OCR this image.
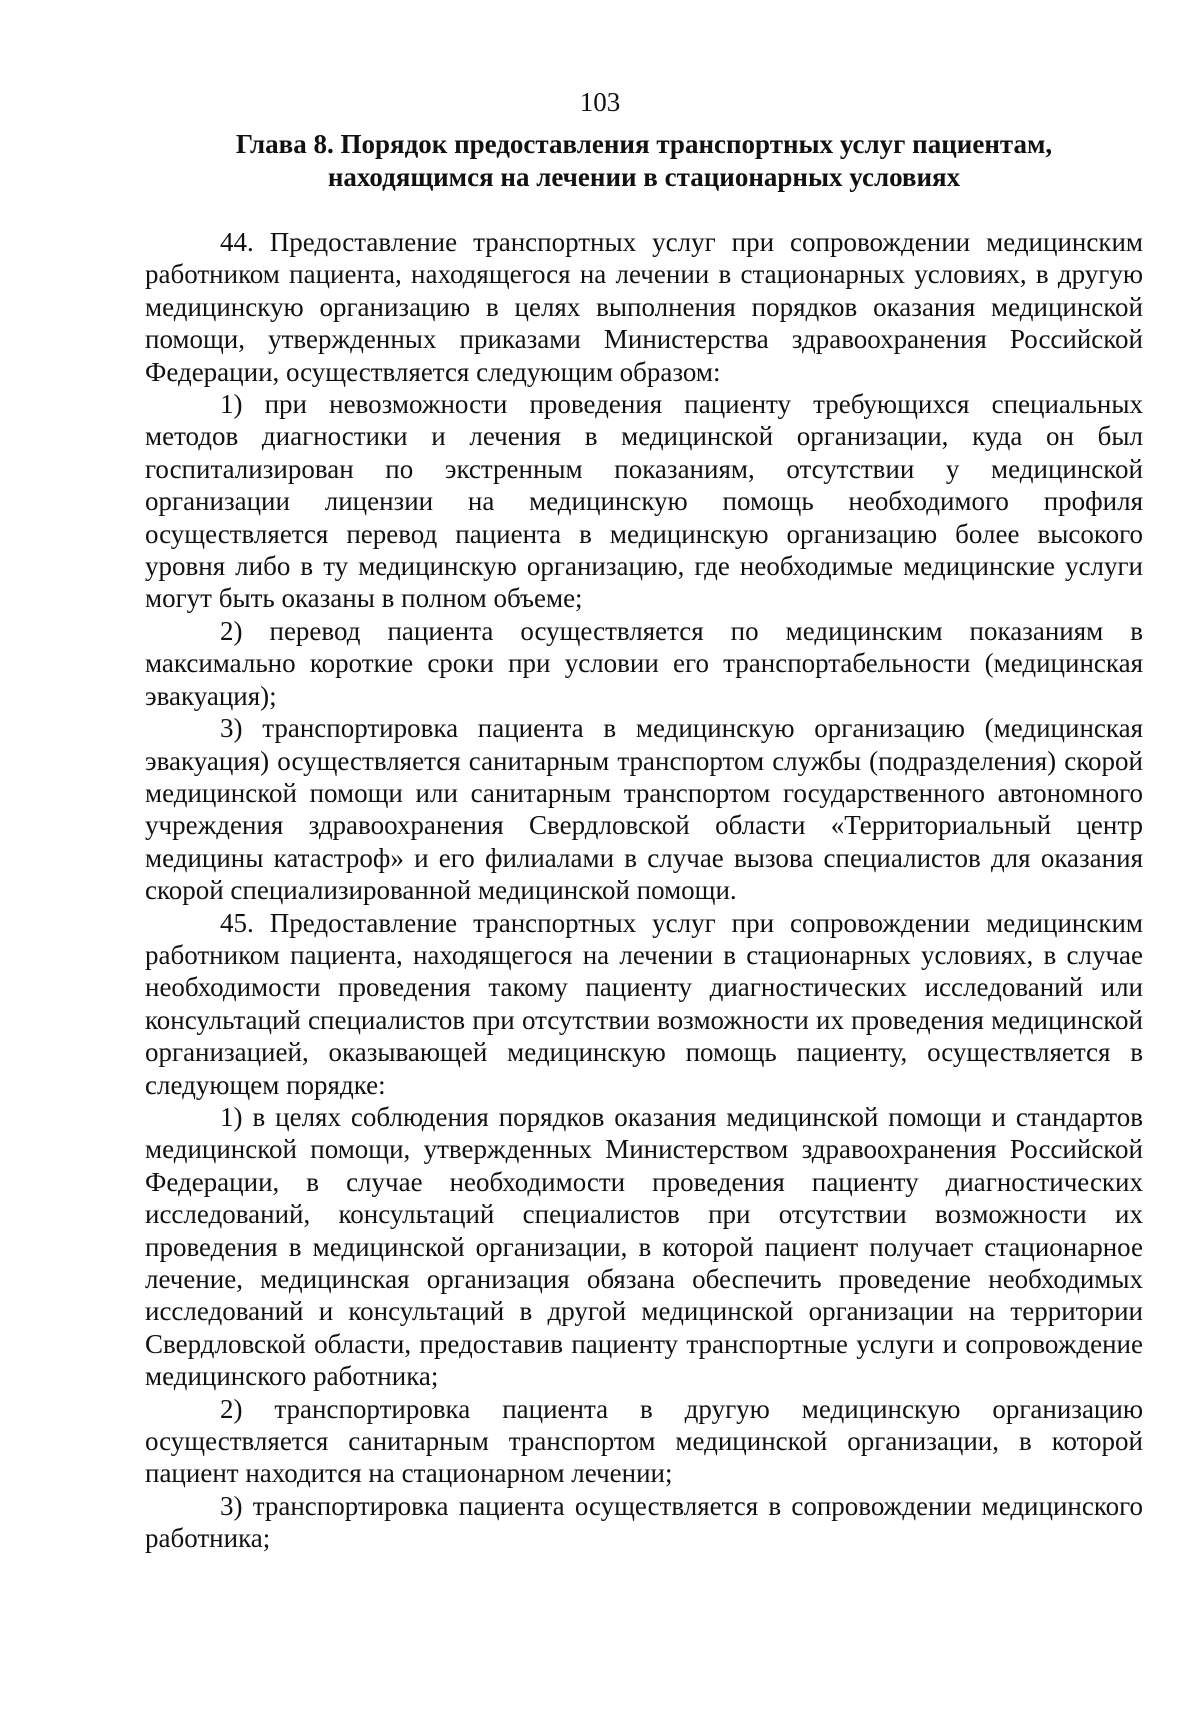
103
Глава 8. Порядок предоставления транспортных услуг пациентам,
находящимся на лечении в стационарных условиях

44. Предоставление транспортных услуг при сопровождении медицинским работником пациента, находящегося на лечении в стационарных условиях, в другую медицинскую организацию в целях выполнения порядков оказания медицинской помощи, утвержденных приказами Министерства здравоохранения Российской Федерации, осуществляется следующим образом:

1) при невозможности проведения пациенту требующихся специальных методов диагностики и лечения в медицинской организации, куда он был госпитализирован по экстренным показаниям, отсутствии у медицинской организации лицензии на медицинскую помощь необходимого профиля осуществляется перевод пациента в медицинскую организацию более высокого уровня либо в ту медицинскую организацию, где необходимые медицинские услуги могут быть оказаны в полном объеме;

2) перевод пациента осуществляется по медицинским показаниям в максимально короткие сроки при условии его транспортабельности (медицинская эвакуация);

3) транспортировка пациента в медицинскую организацию (медицинская эвакуация) осуществляется санитарным транспортом службы (подразделения) скорой медицинской помощи или санитарным транспортом государственного автономного учреждения здравоохранения Свердловской области «Территориальный центр медицины катастроф» и его филиалами в случае вызова специалистов для оказания скорой специализированной медицинской помощи.

45. Предоставление транспортных услуг при сопровождении медицинским работником пациента, находящегося на лечении в стационарных условиях, в случае необходимости проведения такому пациенту диагностических исследований или консультаций специалистов при отсутствии возможности их проведения медицинской организацией, оказывающей медицинскую помощь пациенту, осуществляется в следующем порядке:

1) в целях соблюдения порядков оказания медицинской помощи и стандартов медицинской помощи, утвержденных Министерством здравоохранения Российской Федерации, в случае необходимости проведения пациенту диагностических исследований, консультаций специалистов при отсутствии возможности их проведения в медицинской организации, в которой пациент получает стационарное лечение, медицинская организация обязана обеспечить проведение необходимых исследований и консультаций в другой медицинской организации на территории Свердловской области, предоставив пациенту транспортные услуги и сопровождение медицинского работника;

2) транспортировка пациента в другую медицинскую организацию осуществляется санитарным транспортом медицинской организации, в которой пациент находится на стационарном лечении;

3) транспортировка пациента осуществляется в сопровождении медицинского работника;
